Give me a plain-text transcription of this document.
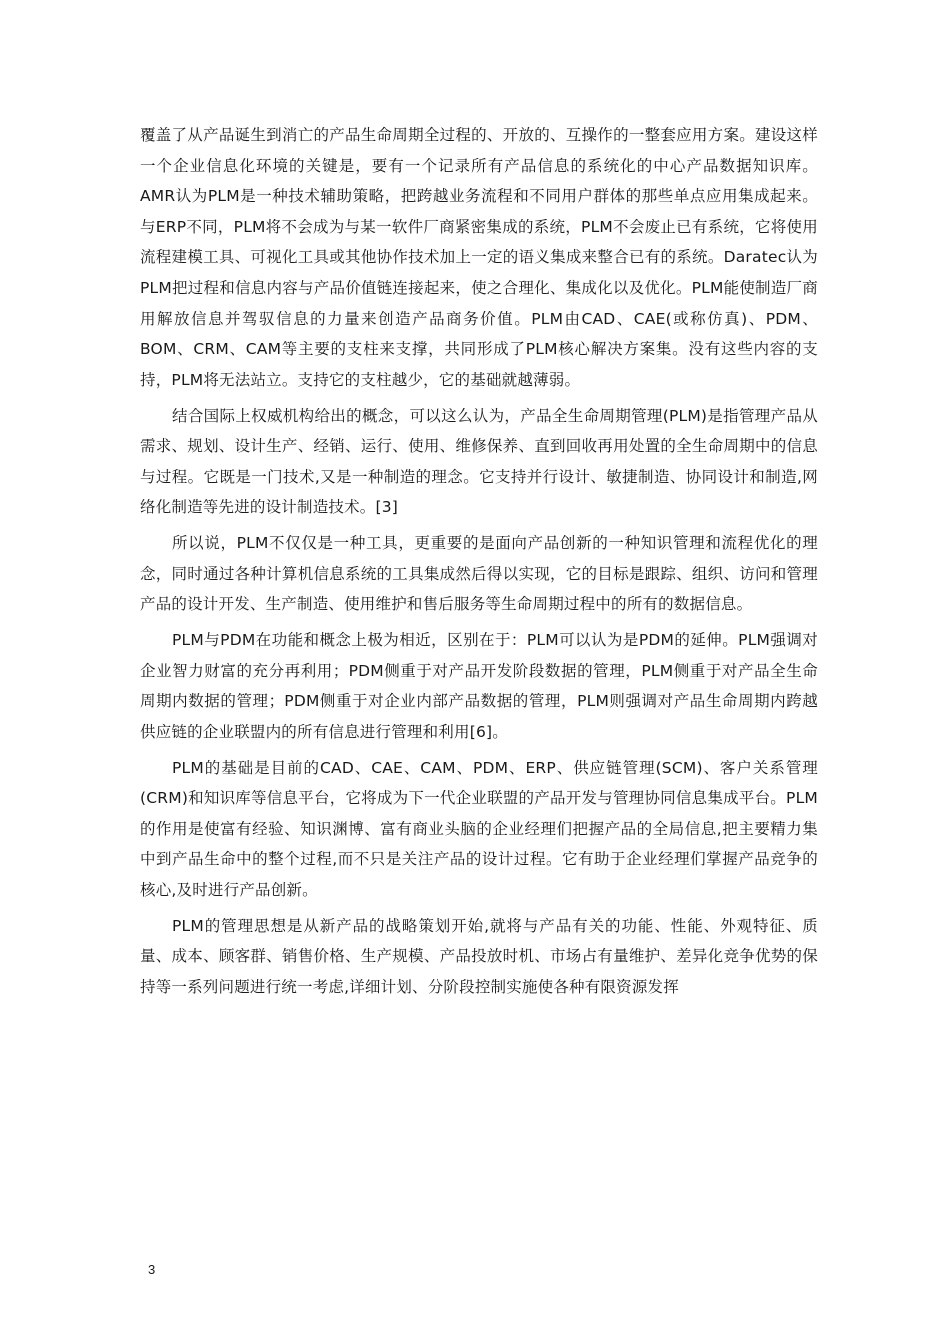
覆盖了从产品诞生到消亡的产品生命周期全过程的、开放的、互操作的一整套应用方案。建设这样一个企业信息化环境的关键是，要有一个记录所有产品信息的系统化的中心产品数据知识库。AMR认为PLM是一种技术辅助策略，把跨越业务流程和不同用户群体的那些单点应用集成起来。与ERP不同，PLM将不会成为与某一软件厂商紧密集成的系统，PLM不会废止已有系统，它将使用流程建模工具、可视化工具或其他协作技术加上一定的语义集成来整合已有的系统。Daratec认为PLM把过程和信息内容与产品价值链连接起来，使之合理化、集成化以及优化。PLM能使制造厂商用解放信息并驾驭信息的力量来创造产品商务价值。PLM由CAD、CAE(或称仿真)、PDM、BOM、CRM、CAM等主要的支柱来支撑，共同形成了PLM核心解决方案集。没有这些内容的支持，PLM将无法站立。支持它的支柱越少，它的基础就越薄弱。

结合国际上权威机构给出的概念，可以这么认为，产品全生命周期管理(PLM)是指管理产品从需求、规划、设计生产、经销、运行、使用、维修保养、直到回收再用处置的全生命周期中的信息与过程。它既是一门技术,又是一种制造的理念。它支持并行设计、敏捷制造、协同设计和制造,网络化制造等先进的设计制造技术。[3]

所以说，PLM不仅仅是一种工具，更重要的是面向产品创新的一种知识管理和流程优化的理念，同时通过各种计算机信息系统的工具集成然后得以实现，它的目标是跟踪、组织、访问和管理产品的设计开发、生产制造、使用维护和售后服务等生命周期过程中的所有的数据信息。

PLM与PDM在功能和概念上极为相近，区别在于：PLM可以认为是PDM的延伸。PLM强调对企业智力财富的充分再利用；PDM侧重于对产品开发阶段数据的管理，PLM侧重于对产品全生命周期内数据的管理；PDM侧重于对企业内部产品数据的管理，PLM则强调对产品生命周期内跨越供应链的企业联盟内的所有信息进行管理和利用[6]。

PLM的基础是目前的CAD、CAE、CAM、PDM、ERP、供应链管理(SCM)、客户关系管理(CRM)和知识库等信息平台，它将成为下一代企业联盟的产品开发与管理协同信息集成平台。PLM的作用是使富有经验、知识渊博、富有商业头脑的企业经理们把握产品的全局信息,把主要精力集中到产品生命中的整个过程,而不只是关注产品的设计过程。它有助于企业经理们掌握产品竞争的核心,及时进行产品创新。

PLM的管理思想是从新产品的战略策划开始,就将与产品有关的功能、性能、外观特征、质量、成本、顾客群、销售价格、生产规模、产品投放时机、市场占有量维护、差异化竞争优势的保持等一系列问题进行统一考虑,详细计划、分阶段控制实施使各种有限资源发挥

3
